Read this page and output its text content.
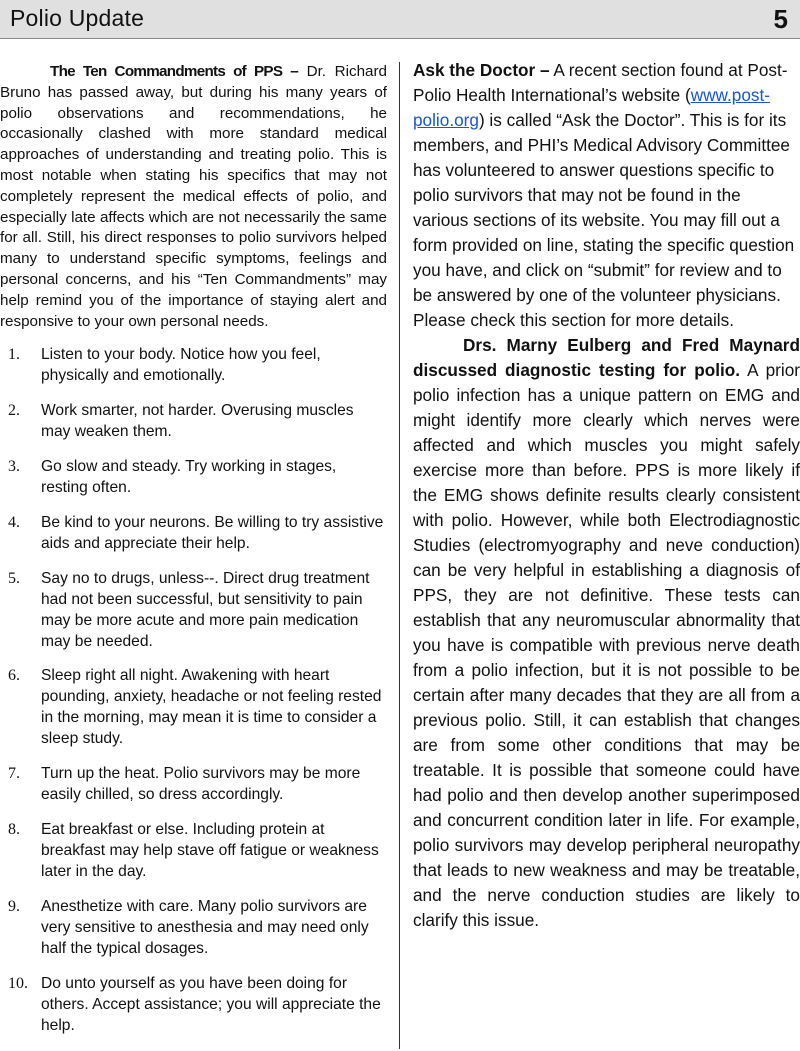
Polio Update	5

The Ten Commandments of PPS – Dr. Richard Bruno has passed away, but during his many years of polio observations and recommendations, he occasionally clashed with more standard medical approaches of understanding and treating polio. This is most notable when stating his specifics that may not completely represent the medical effects of polio, and especially late affects which are not necessarily the same for all. Still, his direct responses to polio survivors helped many to understand specific symptoms, feelings and personal concerns, and his “Ten Commandments” may help remind you of the importance of staying alert and responsive to your own personal needs.

1. Listen to your body. Notice how you feel, physically and emotionally.
2. Work smarter, not harder. Overusing muscles may weaken them.
3. Go slow and steady. Try working in stages, resting often.
4. Be kind to your neurons. Be willing to try assistive aids and appreciate their help.
5. Say no to drugs, unless--. Direct drug treatment had not been successful, but sensitivity to pain may be more acute and more pain medication may be needed.
6. Sleep right all night. Awakening with heart pounding, anxiety, headache or not feeling rested in the morning, may mean it is time to consider a sleep study.
7. Turn up the heat. Polio survivors may be more easily chilled, so dress accordingly.
8. Eat breakfast or else. Including protein at breakfast may help stave off fatigue or weakness later in the day.
9. Anesthetize with care. Many polio survivors are very sensitive to anesthesia and may need only half the typical dosages.
10. Do unto yourself as you have been doing for others. Accept assistance; you will appreciate the help.

Ask the Doctor – A recent section found at Post-Polio Health International’s website (www.post-polio.org) is called “Ask the Doctor”. This is for its members, and PHI’s Medical Advisory Committee has volunteered to answer questions specific to polio survivors that may not be found in the various sections of its website. You may fill out a form provided on line, stating the specific question you have, and click on “submit” for review and to be answered by one of the volunteer physicians. Please check this section for more details.

Drs. Marny Eulberg and Fred Maynard discussed diagnostic testing for polio. A prior polio infection has a unique pattern on EMG and might identify more clearly which nerves were affected and which muscles you might safely exercise more than before. PPS is more likely if the EMG shows definite results clearly consistent with polio. However, while both Electrodiagnostic Studies (electromyography and neve conduction) can be very helpful in establishing a diagnosis of PPS, they are not definitive. These tests can establish that any neuromuscular abnormality that you have is compatible with previous nerve death from a polio infection, but it is not possible to be certain after many decades that they are all from a previous polio. Still, it can establish that changes are from some other conditions that may be treatable. It is possible that someone could have had polio and then develop another superimposed and concurrent condition later in life. For example, polio survivors may develop peripheral neuropathy that leads to new weakness and may be treatable, and the nerve conduction studies are likely to clarify this issue.
